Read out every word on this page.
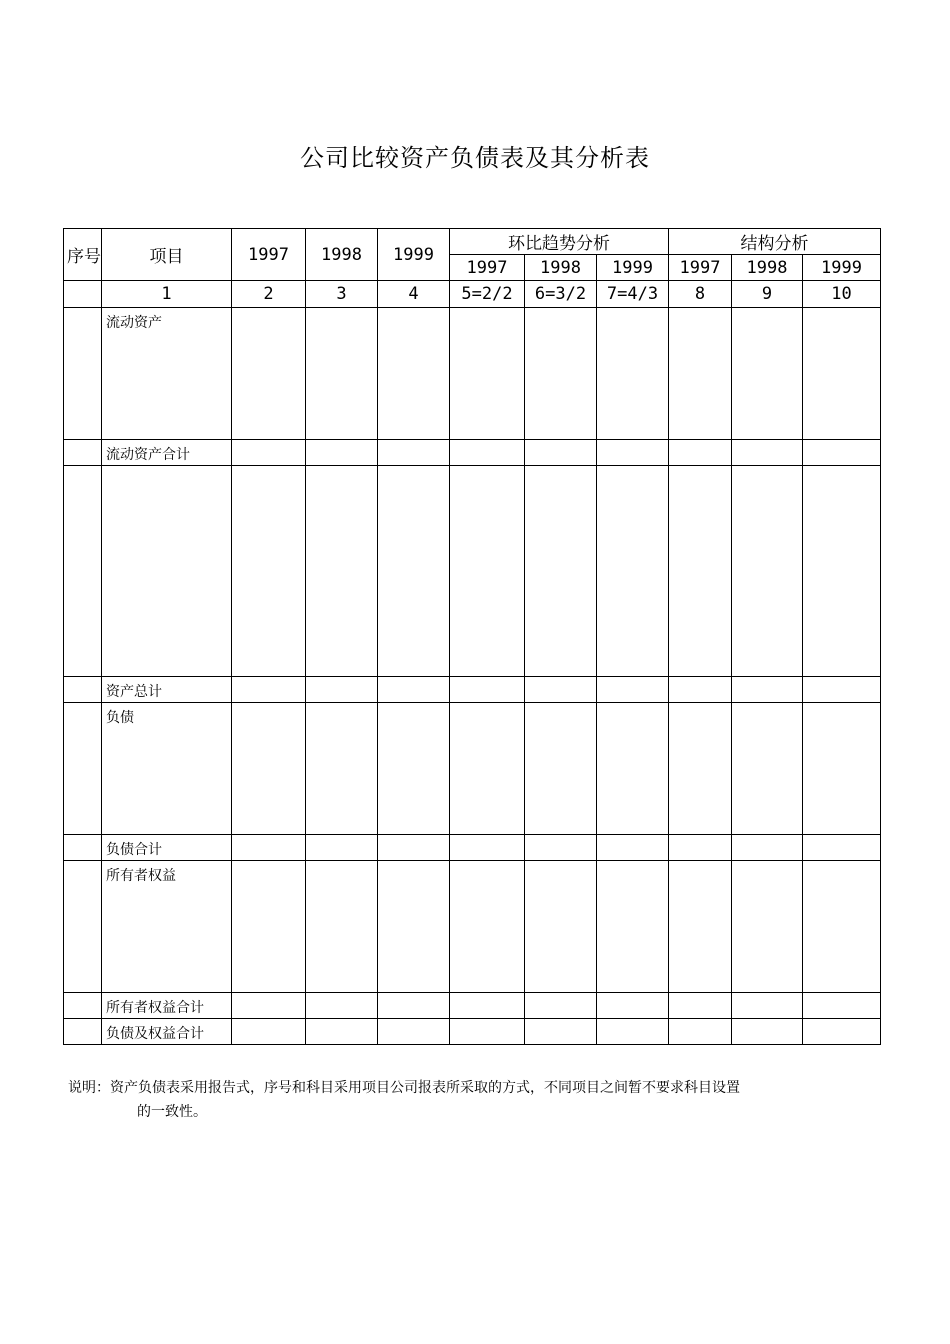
公司比较资产负债表及其分析表
序号	项目	1997	1998	1999	环比趋势分析			结构分析		
					1997	1998	1999	1997	1998	1999
	1	2	3	4	5=2/2	6=3/2	7=4/3	8	9	10
	流动资产									
	流动资产合计									

	资产总计									
	负债									
	负债合计									
	所有者权益									
	所有者权益合计									
	负债及权益合计									
说明：资产负债表采用报告式，序号和科目采用项目公司报表所采取的方式，不同项目之间暂不要求科目设置
的一致性。
